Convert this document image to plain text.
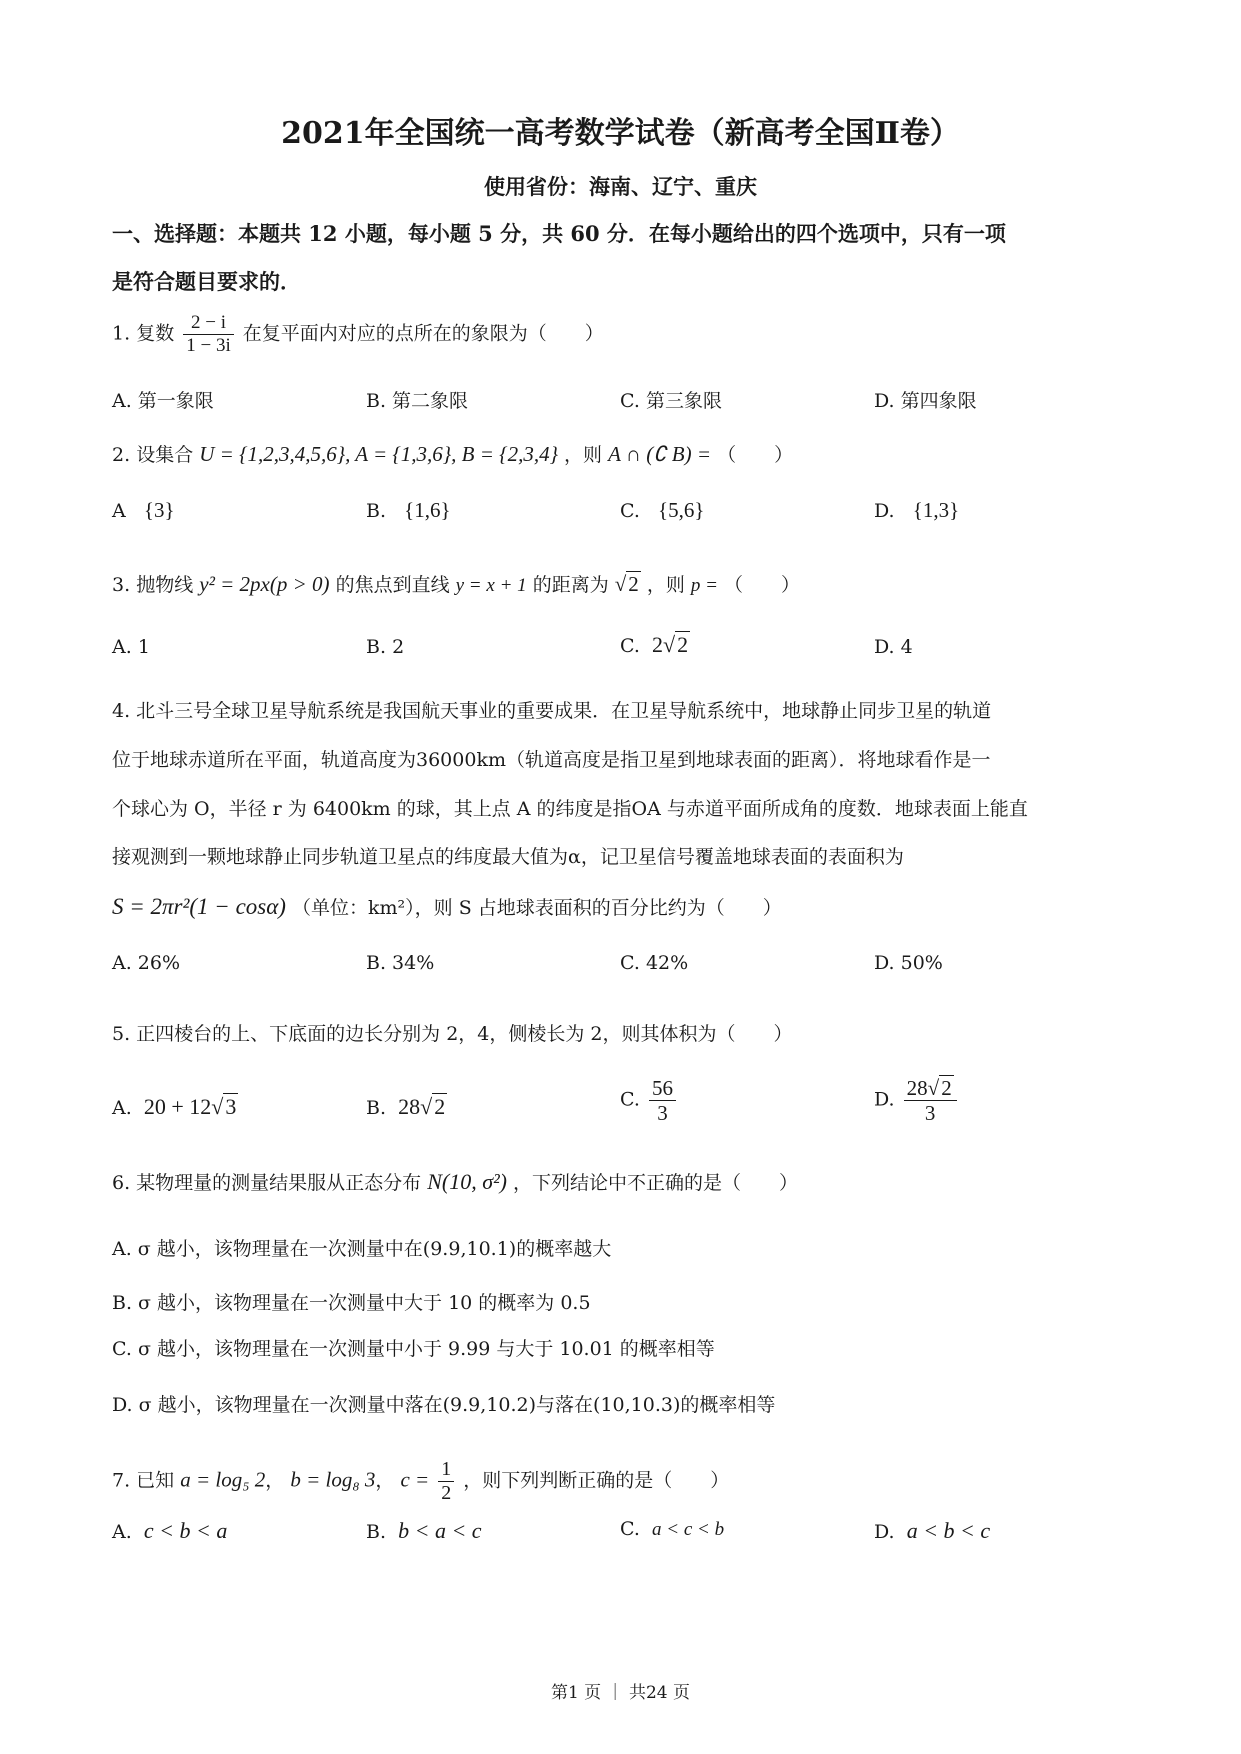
2021年全国统一高考数学试卷（新高考全国Ⅱ卷）
使用省份：海南、辽宁、重庆
一、选择题：本题共 12 小题，每小题 5 分，共 60 分．在每小题给出的四个选项中，只有一项
是符合题目要求的．
1. 复数 $\frac{2 - i}{1 - 3i}$ 在复平面内对应的点所在的象限为（　　）
A. 第一象限	B. 第二象限	C. 第三象限	D. 第四象限
2. 设集合 U = {1,2,3,4,5,6}, A = {1,3,6}, B = {2,3,4} ，则 A ∩ (∁ B) = （　　）
A {3}	B. {1,6}	C. {5,6}	D. {1,3}
3. 抛物线 y² = 2px(p > 0) 的焦点到直线 y = x + 1 的距离为 √2 ，则 p = （　　）
A. 1	B. 2	C. 2√2	D. 4
4. 北斗三号全球卫星导航系统是我国航天事业的重要成果．在卫星导航系统中，地球静止同步卫星的轨道
位于地球赤道所在平面，轨道高度为36000km（轨道高度是指卫星到地球表面的距离）．将地球看作是一
个球心为 O，半径 r 为 6400km 的球，其上点 A 的纬度是指OA 与赤道平面所成角的度数．地球表面上能直
接观测到一颗地球静止同步轨道卫星点的纬度最大值为α，记卫星信号覆盖地球表面的表面积为
S = 2πr²(1 − cosα) （单位：km²），则 S 占地球表面积的百分比约为（　　）
A. 26%	B. 34%	C. 42%	D. 50%
5. 正四棱台的上、下底面的边长分别为 2，4，侧棱长为 2，则其体积为（　　）
A. 20 + 12√3	B. 28√2	C. $\frac{56}{3}$	D. $\frac{28√2}{3}$
6. 某物理量的测量结果服从正态分布 N(10, σ²) ，下列结论中不正确的是（　　）
A. σ 越小，该物理量在一次测量中在(9.9,10.1)的概率越大
B. σ 越小，该物理量在一次测量中大于 10 的概率为 0.5
C. σ 越小，该物理量在一次测量中小于 9.99 与大于 10.01 的概率相等
D. σ 越小，该物理量在一次测量中落在(9.9,10.2)与落在(10,10.3)的概率相等
7. 已知 a = log₅ 2， b = log₈ 3， $c = \frac{1}{2}$ ，则下列判断正确的是（　　）
A. c < b < a	B. b < a < c	C. a < c < b	D. a < b < c
第1 页 ｜ 共24 页
